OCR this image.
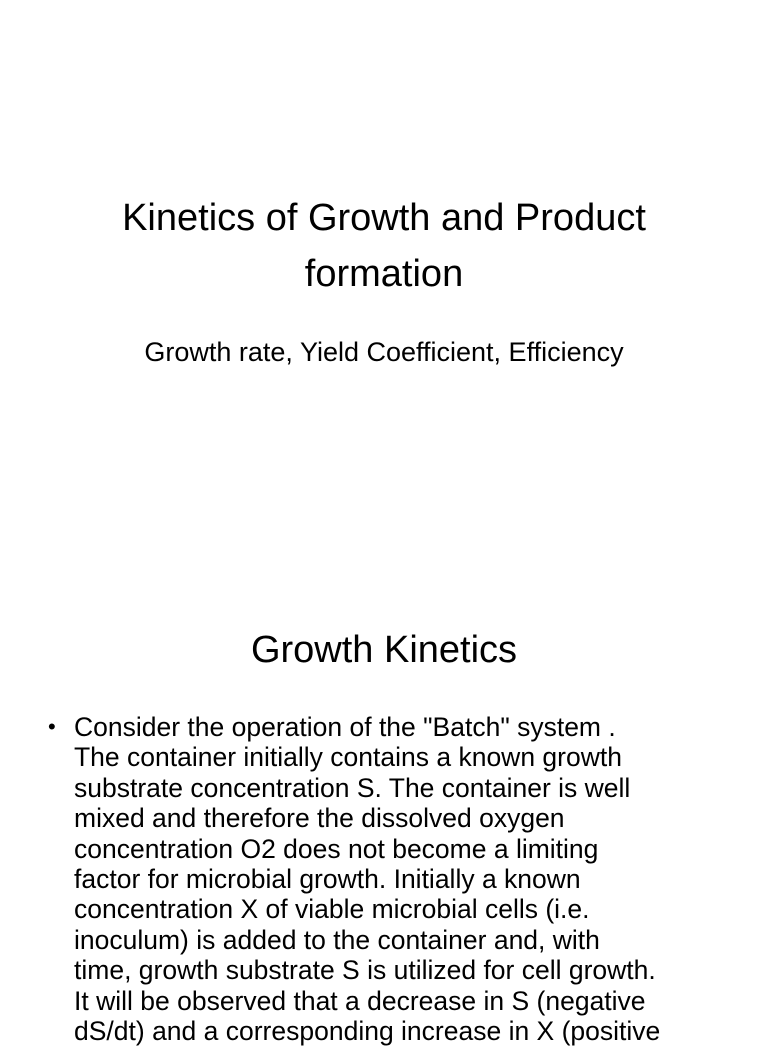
Kinetics of Growth and Product formation

Growth rate, Yield Coefficient, Efficiency

Growth Kinetics
• Consider the operation of the "Batch" system .
The container initially contains a known growth
substrate concentration S. The container is well
mixed and therefore the dissolved oxygen
concentration O2 does not become a limiting
factor for microbial growth. Initially a known
concentration X of viable microbial cells (i.e.
inoculum) is added to the container and, with
time, growth substrate S is utilized for cell growth.
It will be observed that a decrease in S (negative
dS/dt) and a corresponding increase in X (positive
